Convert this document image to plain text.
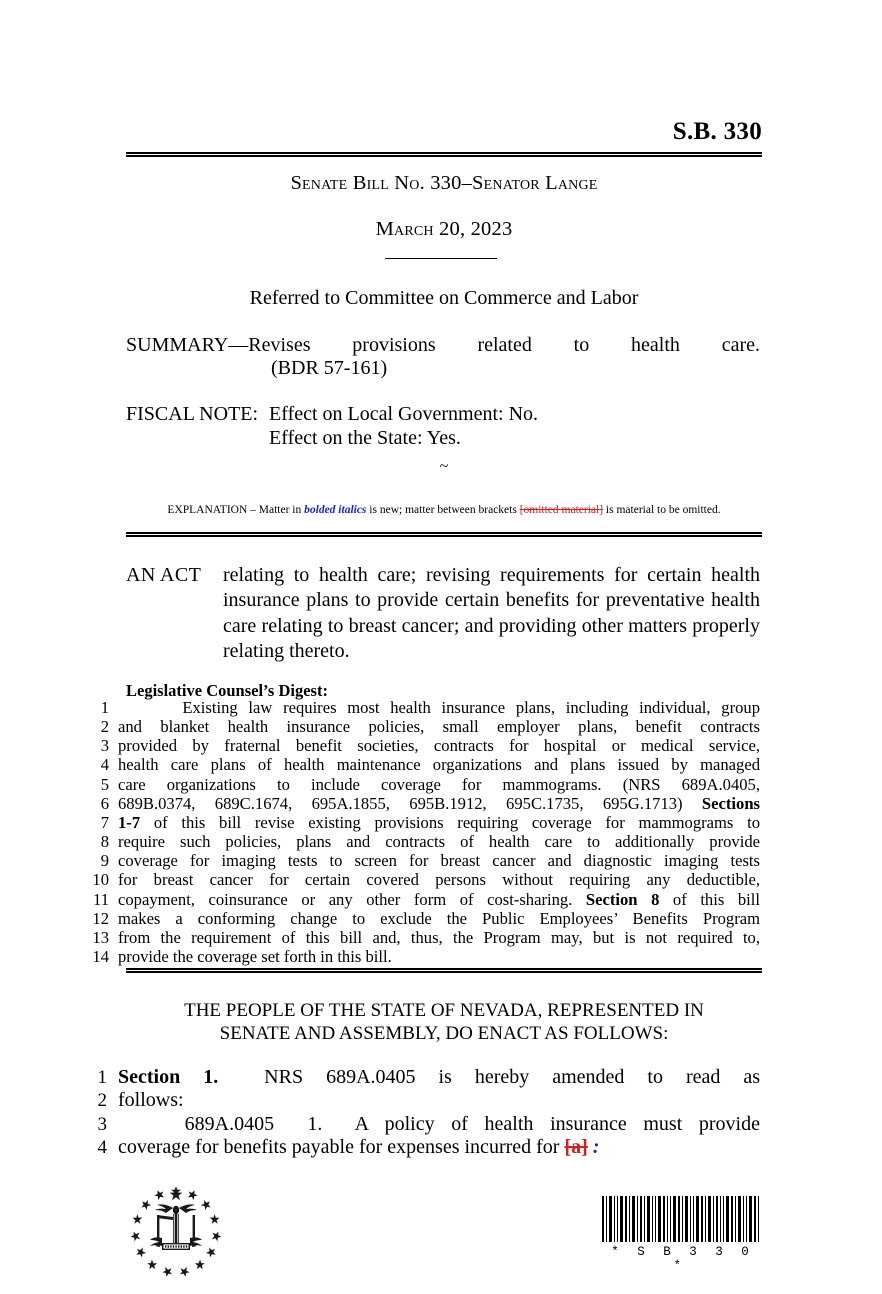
S.B. 330
Senate Bill No. 330–Senator Lange
March 20, 2023
Referred to Committee on Commerce and Labor
SUMMARY—Revises provisions related to health care.
(BDR 57-161)
FISCAL NOTE: Effect on Local Government: No.
Effect on the State: Yes.
~
EXPLANATION – Matter in bolded italics is new; matter between brackets [omitted material] is material to be omitted.
AN ACT relating to health care; revising requirements for certain health insurance plans to provide certain benefits for preventative health care relating to breast cancer; and providing other matters properly relating thereto.
Legislative Counsel’s Digest:
1 Existing law requires most health insurance plans, including individual, group
2 and blanket health insurance policies, small employer plans, benefit contracts
3 provided by fraternal benefit societies, contracts for hospital or medical service,
4 health care plans of health maintenance organizations and plans issued by managed
5 care organizations to include coverage for mammograms. (NRS 689A.0405,
6 689B.0374, 689C.1674, 695A.1855, 695B.1912, 695C.1735, 695G.1713) Sections
7 1-7 of this bill revise existing provisions requiring coverage for mammograms to
8 require such policies, plans and contracts of health care to additionally provide
9 coverage for imaging tests to screen for breast cancer and diagnostic imaging tests
10 for breast cancer for certain covered persons without requiring any deductible,
11 copayment, coinsurance or any other form of cost-sharing. Section 8 of this bill
12 makes a conforming change to exclude the Public Employees’ Benefits Program
13 from the requirement of this bill and, thus, the Program may, but is not required to,
14 provide the coverage set forth in this bill.
THE PEOPLE OF THE STATE OF NEVADA, REPRESENTED IN
SENATE AND ASSEMBLY, DO ENACT AS FOLLOWS:
1 Section 1.  NRS 689A.0405 is hereby amended to read as
2 follows:
3 689A.0405  1.  A policy of health insurance must provide
4 coverage for benefits payable for expenses incurred for [a] :
* S B 3 3 0 *
